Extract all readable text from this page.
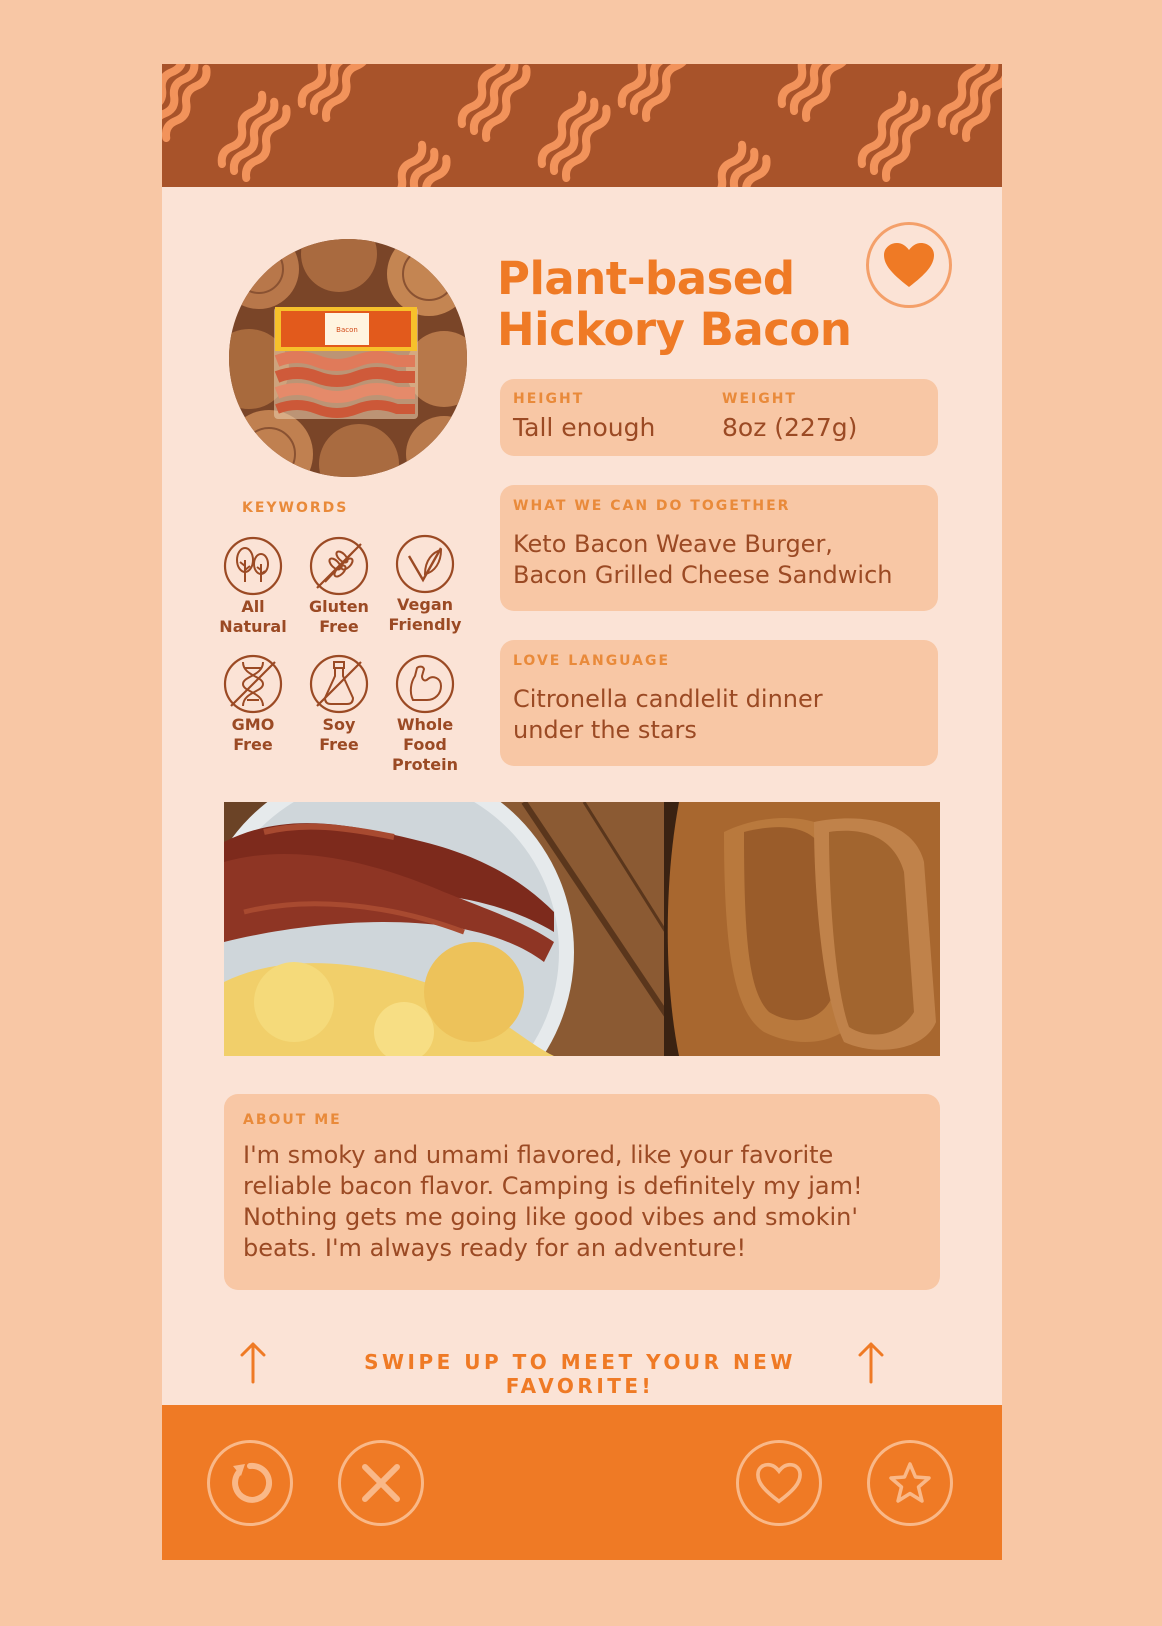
Bacon
Plant-based
Hickory Bacon
HEIGHT
Tall enough
WEIGHT
8oz (227g)
WHAT WE CAN DO TOGETHER
Keto Bacon Weave Burger,
Bacon Grilled Cheese Sandwich
LOVE LANGUAGE
Citronella candlelit dinner
under the stars
KEYWORDS
All
Natural
Gluten
Free
Vegan
Friendly
GMO
Free
Soy
Free
Whole Food
Protein
ABOUT ME
I'm smoky and umami flavored, like your favorite
reliable bacon flavor. Camping is definitely my jam!
Nothing gets me going like good vibes and smokin'
beats. I'm always ready for an adventure!
SWIPE UP TO MEET YOUR NEW FAVORITE!
